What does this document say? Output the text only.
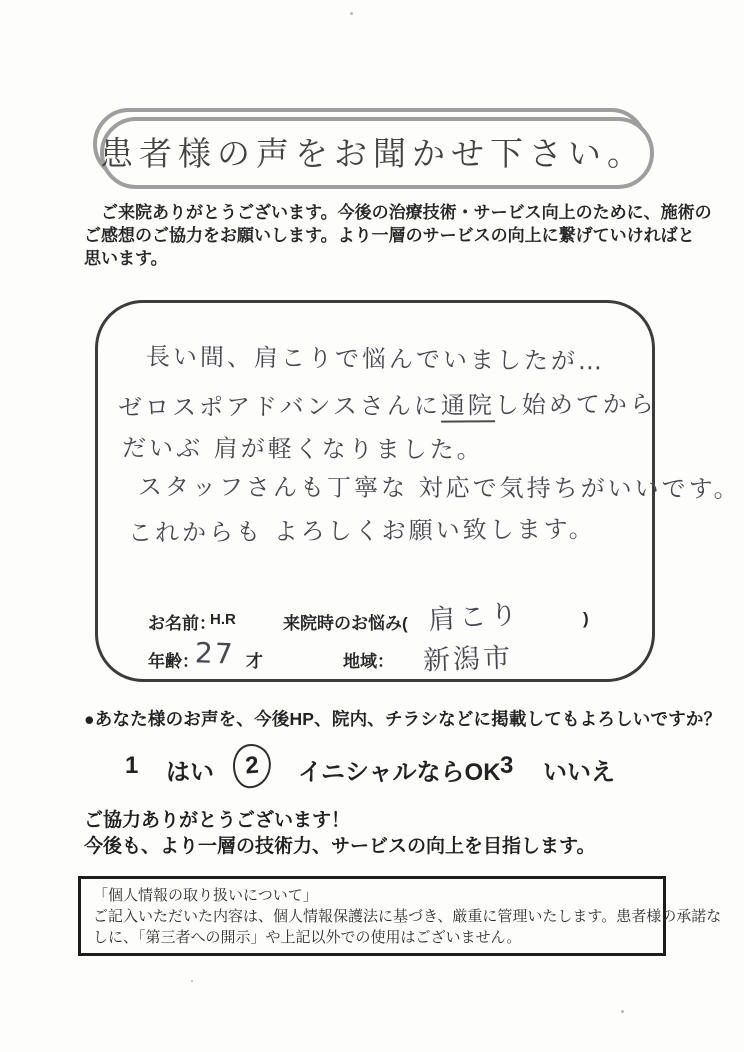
患者様の声をお聞かせ下さい。
　ご来院ありがとうございます。今後の治療技術・サービス向上のために、施術の
ご感想のご協力をお願いします。より一層のサービスの向上に繋げていければと
思います。
長い間、肩こりで悩んでいましたが…
ゼロスポアドバンスさんに通院し始めてから
だいぶ 肩が軽くなりました。
スタッフさんも丁寧な 対応で気持ちがいいです。
これからも よろしくお願い致します。
お名前：
H.R	来院時のお悩み( 肩こり	)
年齢：
27 才	地域： 新潟市
●あなた様のお声を、今後HP、院内、チラシなどに掲載してもよろしいですか？
1 はい	2	イニシャルならOK 3 いいえ
ご協力ありがとうございます！
今後も、より一層の技術力、サービスの向上を目指します。
「個人情報の取り扱いについて」
ご記入いただいた内容は、個人情報保護法に基づき、厳重に管理いたします。患者様の承諾な
しに、「第三者への開示」や上記以外での使用はございません。
